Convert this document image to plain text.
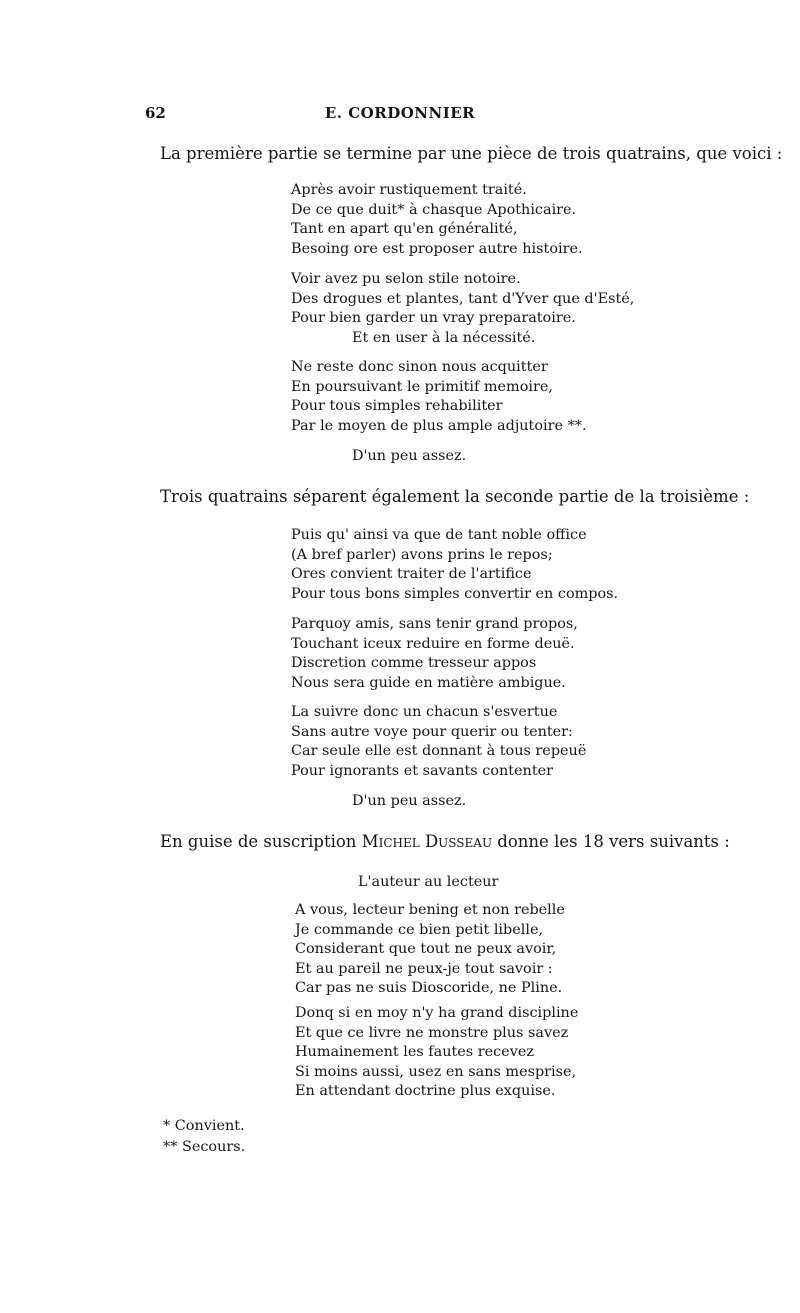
62	E. CORDONNIER
La première partie se termine par une pièce de trois quatrains, que voici :
Après avoir rustiquement traité.
De ce que duit* à chasque Apothicaire.
Tant en apart qu'en généralité,
Besoing ore est proposer autre histoire.
Voir avez pu selon stile notoire.
Des drogues et plantes, tant d'Yver que d'Esté,
Pour bien garder un vray preparatoire.
Et en user à la nécessité.
Ne reste donc sinon nous acquitter
En poursuivant le primitif memoire,
Pour tous simples rehabiliter
Par le moyen de plus ample adjutoire **.
D'un peu assez.
Trois quatrains séparent également la seconde partie de la troisième :
Puis qu' ainsi va que de tant noble office
(A bref parler) avons prins le repos;
Ores convient traiter de l'artifice
Pour tous bons simples convertir en compos.
Parquoy amis, sans tenir grand propos,
Touchant iceux reduire en forme deuë.
Discretion comme tresseur appos
Nous sera guide en matière ambigue.
La suivre donc un chacun s'esvertue
Sans autre voye pour querir ou tenter:
Car seule elle est donnant à tous repeuë
Pour ignorants et savants contenter
D'un peu assez.
En guise de suscription Michel Dusseau donne les 18 vers suivants :
L'auteur au lecteur
A vous, lecteur bening et non rebelle
Je commande ce bien petit libelle,
Considerant que tout ne peux avoir,
Et au pareil ne peux-je tout savoir :
Car pas ne suis Dioscoride, ne Pline.
Donq si en moy n'y ha grand discipline
Et que ce livre ne monstre plus savez
Humainement les fautes recevez
Si moins aussi, usez en sans mesprise,
En attendant doctrine plus exquise.
* Convient.
** Secours.
